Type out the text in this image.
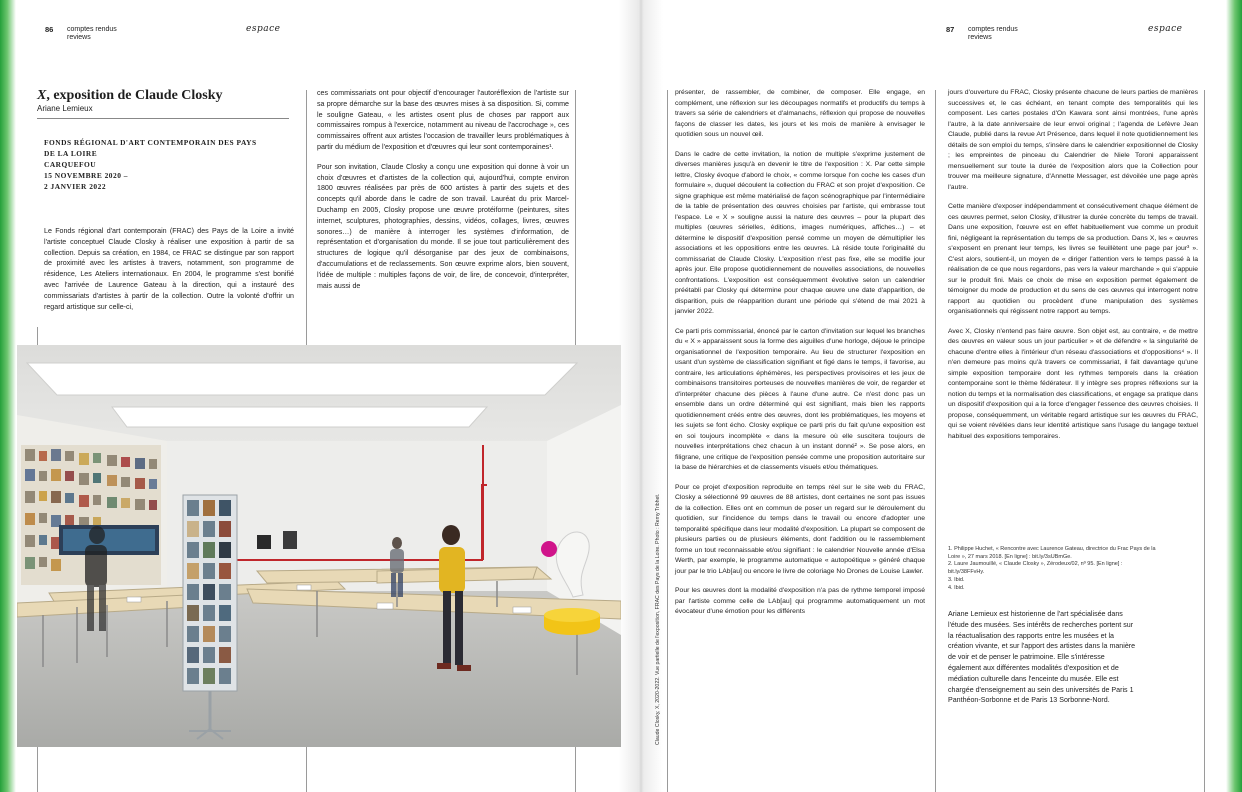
86 comptes rendus
reviews
espace	87 comptes rendus
reviews
espace
X, exposition de Claude Closky
Ariane Lemieux
FONDS RÉGIONAL D'ART CONTEMPORAIN DES PAYS
DE LA LOIRE
CARQUEFOU
15 NOVEMBRE 2020 –
2 JANVIER 2022

Le Fonds régional d'art contemporain (FRAC) des Pays de la Loire a invité l'artiste conceptuel Claude Closky à réaliser une exposition à partir de sa collection. Depuis sa création, en 1984, ce FRAC se distingue par son rapport de proximité avec les artistes à travers, notamment, son programme de résidence, Les Ateliers internationaux. En 2004, le programme s'est bonifié avec l'arrivée de Laurence Gateau à la direction, qui a instauré des commissariats d'artistes à partir de la collection. Outre la volonté d'offrir un regard artistique sur celle-ci,

ces commissariats ont pour objectif d'encourager l'autoréflexion de l'artiste sur sa propre démarche sur la base des œuvres mises à sa disposition. Si, comme le souligne Gateau, « les artistes osent plus de choses par rapport aux commissaires rompus à l'exercice, notamment au niveau de l'accrochage », ces commissaires offrent aux artistes l'occasion de travailler leurs problématiques à partir du médium de l'exposition et d'œuvres qui leur sont contemporaines¹.

Pour son invitation, Claude Closky a conçu une exposition qui donne à voir un choix d'œuvres et d'artistes de la collection qui, aujourd'hui, compte environ 1800 œuvres réalisées par près de 600 artistes à partir des sujets et des concepts qu'il aborde dans le cadre de son travail. Lauréat du prix Marcel-Duchamp en 2005, Closky propose une œuvre protéiforme (peintures, sites internet, sculptures, photographies, dessins, vidéos, collages, livres, œuvres sonores…) de manière à interroger les systèmes d'information, de représentation et d'organisation du monde. Il se joue tout particulièrement des structures de logique qu'il désorganise par des jeux de combinaisons, d'accumulations et de reclassements. Son œuvre exprime alors, bien souvent, l'idée de multiple : multiples façons de voir, de lire, de concevoir, d'interpréter, mais aussi de

présenter, de rassembler, de combiner, de composer. Elle engage, en complément, une réflexion sur les découpages normatifs et productifs du temps à travers sa série de calendriers et d'almanachs, réflexion qui propose de nouvelles façons de classer les dates, les jours et les mois de manière à envisager le quotidien sous un nouvel œil.

Dans le cadre de cette invitation, la notion de multiple s'exprime justement de diverses manières jusqu'à en devenir le titre de l'exposition : X. Par cette simple lettre, Closky évoque d'abord le choix, « comme lorsque l'on coche les cases d'un formulaire », duquel découlent la collection du FRAC et son projet d'exposition. Ce signe graphique est même matérialisé de façon scénographique par l'intermédiaire de la table de présentation des œuvres choisies par l'artiste, qui embrasse tout l'espace. Le « X » souligne aussi la nature des œuvres – pour la plupart des multiples (œuvres sérielles, éditions, images numériques, affiches…) – et détermine le dispositif d'exposition pensé comme un moyen de démultiplier les associations et les oppositions entre les œuvres. Là réside toute l'originalité du commissariat de Claude Closky. L'exposition n'est pas fixe, elle se modifie jour après jour. Elle propose quotidiennement de nouvelles associations, de nouvelles confrontations. L'exposition est conséquemment évolutive selon un calendrier préétabli par Closky qui détermine pour chaque œuvre une date d'apparition, de disparition, puis de réapparition durant une période qui s'étend de mai 2021 à janvier 2022.

Ce parti pris commissarial, énoncé par le carton d'invitation sur lequel les branches du « X » apparaissent sous la forme des aiguilles d'une horloge, déjoue le principe organisationnel de l'exposition temporaire. Au lieu de structurer l'exposition en usant d'un système de classification signifiant et figé dans le temps, il favorise, au contraire, les articulations éphémères, les perspectives provisoires et les jeux de combinaisons transitoires porteuses de nouvelles manières de voir, de regarder et d'interpréter chacune des pièces à l'aune d'une autre. Ce n'est donc pas un ensemble dans un ordre déterminé qui est signifiant, mais bien les rapports quotidiennement créés entre des œuvres, dont les problématiques, les moyens et les sujets se font écho. Closky explique ce parti pris du fait qu'une exposition est en soi toujours incomplète « dans la mesure où elle suscitera toujours de nouvelles interprétations chez chacun à un instant donné² ». Se pose alors, en filigrane, une critique de l'exposition pensée comme une proposition autoritaire sur la base de hiérarchies et de classements visuels et/ou thématiques.

Pour ce projet d'exposition reproduite en temps réel sur le site web du FRAC, Closky a sélectionné 99 œuvres de 88 artistes, dont certaines ne sont pas issues de la collection. Elles ont en commun de poser un regard sur le déroulement du quotidien, sur l'incidence du temps dans le travail ou encore d'adopter une temporalité spécifique dans leur modalité d'exposition. La plupart se composent de plusieurs parties ou de plusieurs éléments, dont l'addition ou le rassemblement forme un tout reconnaissable et/ou signifiant : le calendrier Nouvelle année d'Elsa Werth, par exemple, le programme automatique « autopoétique » généré chaque jour par le trio LAb[au] ou encore le livre de coloriage No Drones de Louise Lawler.

Pour les œuvres dont la modalité d'exposition n'a pas de rythme temporel imposé par l'artiste comme celle de LAb[au] qui programme automatiquement un mot évocateur d'une émotion pour les différents

jours d'ouverture du FRAC, Closky présente chacune de leurs parties de manières successives et, le cas échéant, en tenant compte des temporalités qui les composent. Les cartes postales d'On Kawara sont ainsi montrées, l'une après l'autre, à la date anniversaire de leur envoi original ; l'agenda de Lefèvre Jean Claude, publié dans la revue Art Présence, dans lequel il note quotidiennement les détails de son emploi du temps, s'insère dans le calendrier expositionnel de Closky ; les empreintes de pinceau du Calendrier de Niele Toroni apparaissent mensuellement sur toute la durée de l'exposition alors que la Collection pour trouver ma meilleure signature, d'Annette Messager, est dévoilée une page après l'autre.

Cette manière d'exposer indépendamment et consécutivement chaque élément de ces œuvres permet, selon Closky, d'illustrer la durée concrète du temps de travail. Dans une exposition, l'œuvre est en effet habituellement vue comme un produit fini, négligeant la représentation du temps de sa production. Dans X, les « œuvres s'exposent en prenant leur temps, les livres se feuillètent une page par jour³ ». C'est alors, soutient-il, un moyen de « diriger l'attention vers le temps passé à la réalisation de ce que nous regardons, pas vers la valeur marchande » qui s'appuie sur le produit fini. Mais ce choix de mise en exposition permet également de témoigner du mode de production et du sens de ces œuvres qui interrogent notre rapport au quotidien ou procèdent d'une manipulation des systèmes organisationnels qui régissent notre rapport au temps.

Avec X, Closky n'entend pas faire œuvre. Son objet est, au contraire, « de mettre des œuvres en valeur sous un jour particulier » et de défendre « la singularité de chacune d'entre elles à l'intérieur d'un réseau d'associations et d'oppositions⁴ ». Il n'en demeure pas moins qu'à travers ce commissariat, il fait davantage qu'une simple exposition temporaire dont les rythmes temporels dans la création contemporaine sont le thème fédérateur. Il y intègre ses propres réflexions sur la notion du temps et la normalisation des classifications, et engage sa pratique dans un dispositif d'exposition qui a la force d'engager l'essence des œuvres choisies. Il propose, conséquemment, un véritable regard artistique sur les œuvres du FRAC, qui se voient révélées dans leur identité artistique sans l'usage du langage textuel habituel des expositions temporaires.

1. Philippe Huchet, « Rencontre avec Laurence Gateau, directrice du Frac Pays de la Loire », 27 mars 2018. [En ligne] : bit.ly/3sUBmGe.
2. Laure Jaumouillé, « Claude Closky », Zérodeux/02, nº 95. [En ligne] : bit.ly/38FFvHy.
3. Ibid.
4. Ibid.
Ariane Lemieux est historienne de l'art spécialisée dans l'étude des musées. Ses intérêts de recherches portent sur la réactualisation des rapports entre les musées et la création vivante, et sur l'apport des artistes dans la manière de voir et de penser le patrimoine. Elle s'intéresse également aux différentes modalités d'exposition et de médiation culturelle dans l'enceinte du musée. Elle est chargée d'enseignement au sein des universités de Paris 1 Panthéon-Sorbonne et de Paris 13 Sorbonne-Nord.
Claude Closky, X, 2020-2022. Vue partielle de l'exposition, FRAC des Pays de la Loire. Photo : Remy Tribhet.
